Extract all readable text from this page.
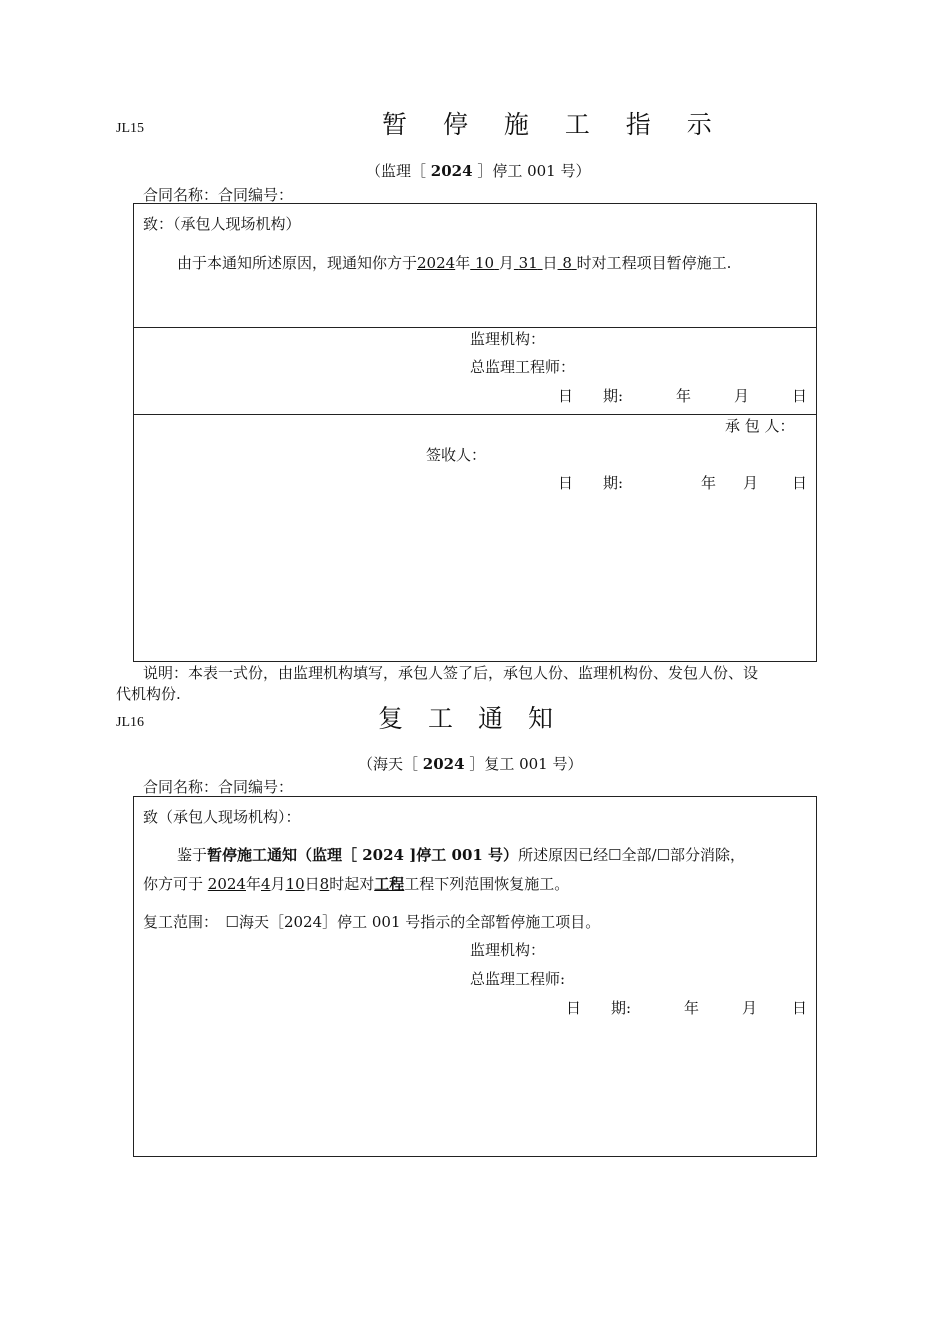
JL15	暂 停 施 工 指 示
（监理［ 2024 ］停工 001 号）
合同名称：合同编号：
致：（承包人现场机构）
由于本通知所述原因，现通知你方于2024年 10 月 31 日 8 时对工程项目暂停施工.
监理机构：
总监理工程师：
日　　期:	年	月	日
承 包 人：
签收人：
日　　期:	年 月 日
说明：本表一式份，由监理机构填写，承包人签了后，承包人份、监理机构份、发包人份、设
代机构份.
JL16	复　工　通　知
（海天［ 2024 ］复工 001 号）
合同名称：合同编号：
致（承包人现场机构）：
鉴于暂停施工通知（监理［ 2024 ]停工 001 号）所述原因已经☐全部/☐部分消除，
你方可于 2024年4月10日8时起对工程工程下列范围恢复施工。
复工范围：　☐海天［2024］停工 001 号指示的全部暂停施工项目。
监理机构：
总监理工程师:
日　　期:	年	月 日
